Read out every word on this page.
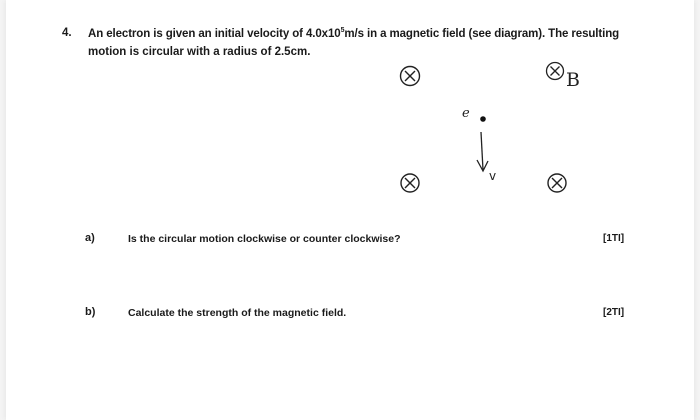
4. An electron is given an initial velocity of $4.0x10^5m/s$ in a magnetic field (see diagram). The resulting
motion is circular with a radius of 2.5cm.
B
e
v
a)	Is the circular motion clockwise or counter clockwise?	[1TI]
b)	Calculate the strength of the magnetic field.	[2TI]
